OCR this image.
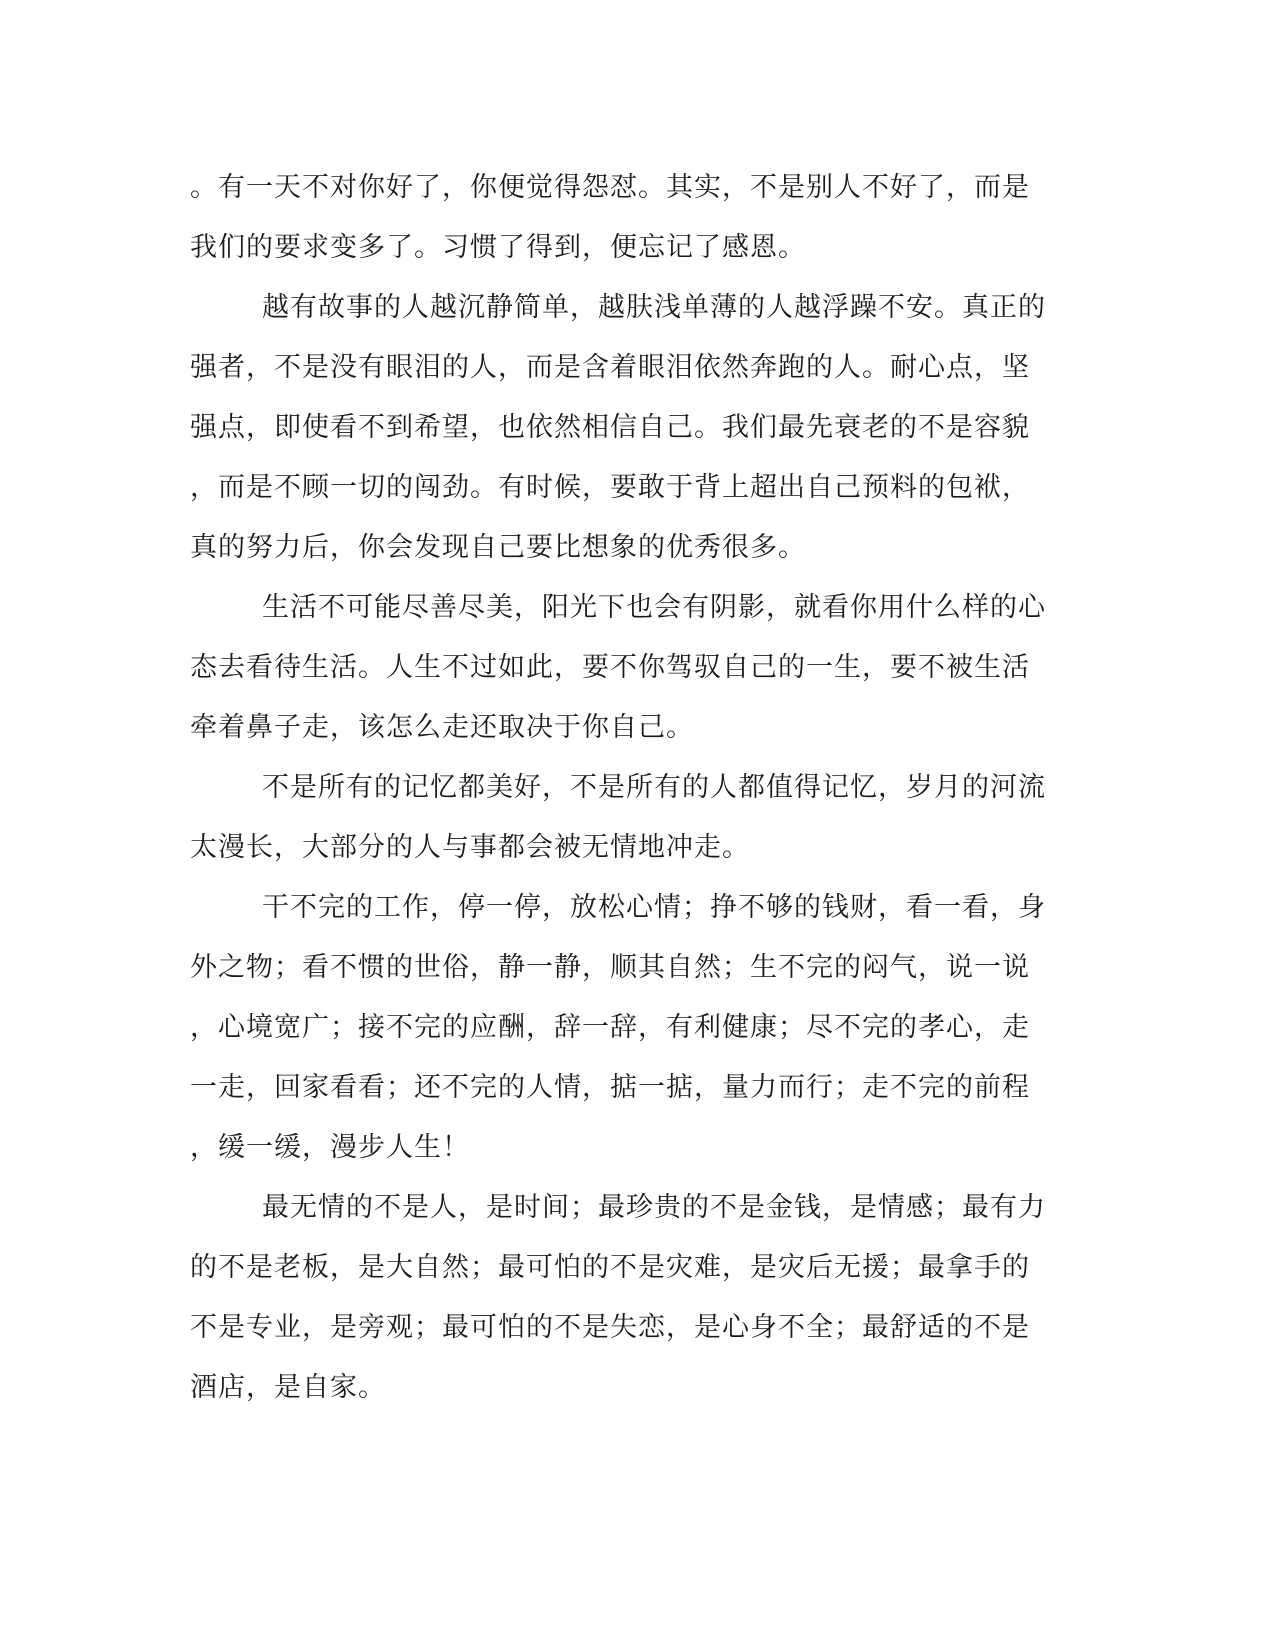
。有一天不对你好了，你便觉得怨怼。其实，不是别人不好了，而是
我们的要求变多了。习惯了得到，便忘记了感恩。
越有故事的人越沉静简单，越肤浅单薄的人越浮躁不安。真正的
强者，不是没有眼泪的人，而是含着眼泪依然奔跑的人。耐心点，坚
强点，即使看不到希望，也依然相信自己。我们最先衰老的不是容貌
，而是不顾一切的闯劲。有时候，要敢于背上超出自己预料的包袱，
真的努力后，你会发现自己要比想象的优秀很多。
生活不可能尽善尽美，阳光下也会有阴影，就看你用什么样的心
态去看待生活。人生不过如此，要不你驾驭自己的一生，要不被生活
牵着鼻子走，该怎么走还取决于你自己。
不是所有的记忆都美好，不是所有的人都值得记忆，岁月的河流
太漫长，大部分的人与事都会被无情地冲走。
干不完的工作，停一停，放松心情；挣不够的钱财，看一看，身
外之物；看不惯的世俗，静一静，顺其自然；生不完的闷气，说一说
，心境宽广；接不完的应酬，辞一辞，有利健康；尽不完的孝心，走
一走，回家看看；还不完的人情，掂一掂，量力而行；走不完的前程
，缓一缓，漫步人生！
最无情的不是人，是时间；最珍贵的不是金钱，是情感；最有力
的不是老板，是大自然；最可怕的不是灾难，是灾后无援；最拿手的
不是专业，是旁观；最可怕的不是失恋，是心身不全；最舒适的不是
酒店，是自家。
